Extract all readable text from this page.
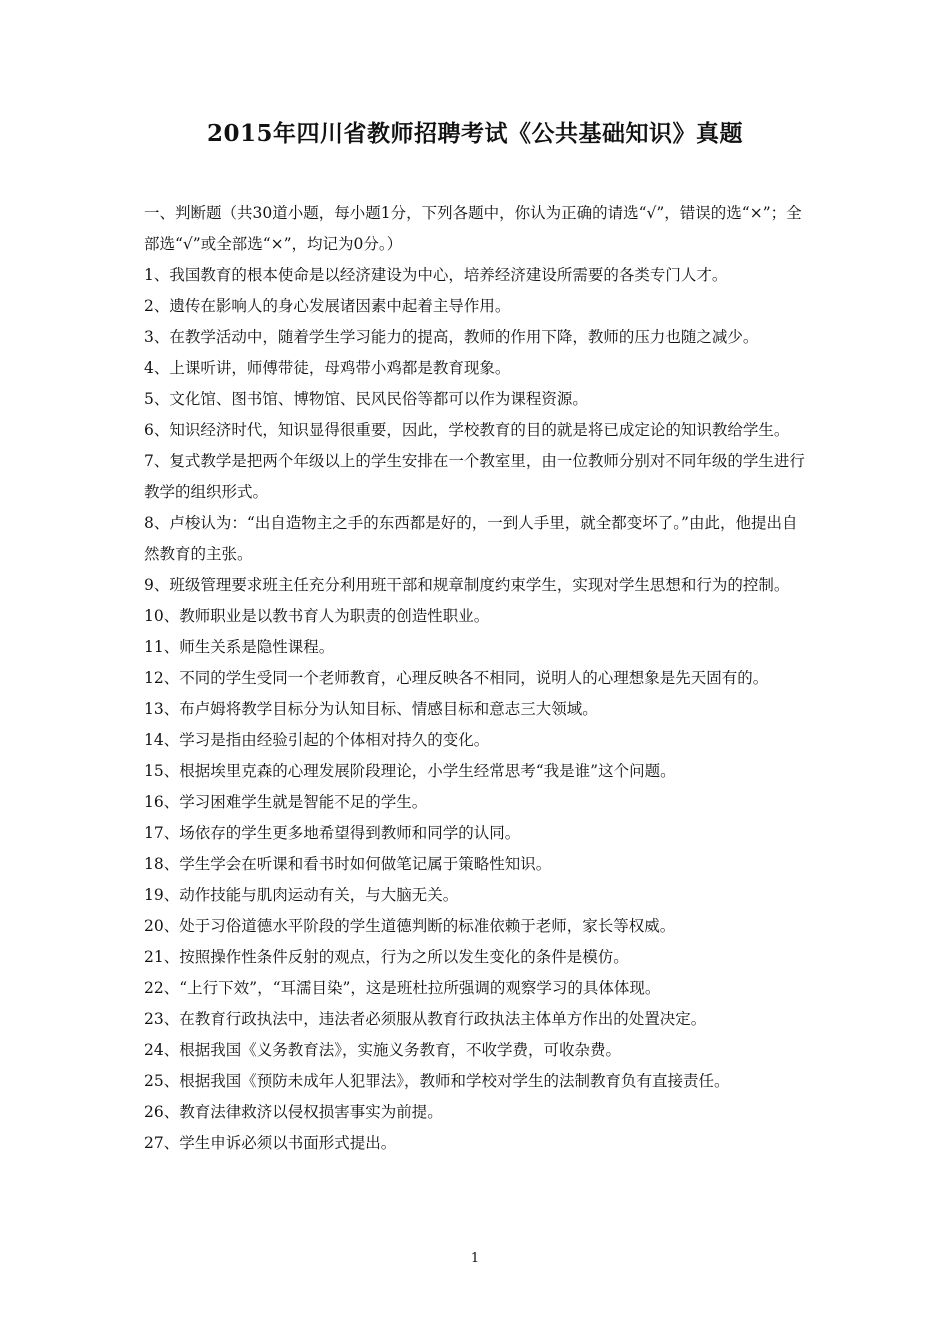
2015年四川省教师招聘考试《公共基础知识》真题

一、判断题（共30道小题，每小题1分，下列各题中，你认为正确的请选“√”，错误的选“×”；全部选“√”或全部选“×”，均记为0分。）

1、我国教育的根本使命是以经济建设为中心，培养经济建设所需要的各类专门人才。
2、遗传在影响人的身心发展诸因素中起着主导作用。
3、在教学活动中，随着学生学习能力的提高，教师的作用下降，教师的压力也随之减少。
4、上课听讲，师傅带徒，母鸡带小鸡都是教育现象。
5、文化馆、图书馆、博物馆、民风民俗等都可以作为课程资源。
6、知识经济时代，知识显得很重要，因此，学校教育的目的就是将已成定论的知识教给学生。
7、复式教学是把两个年级以上的学生安排在一个教室里，由一位教师分别对不同年级的学生进行教学的组织形式。
8、卢梭认为：“出自造物主之手的东西都是好的，一到人手里，就全都变坏了。”由此，他提出自然教育的主张。
9、班级管理要求班主任充分利用班干部和规章制度约束学生，实现对学生思想和行为的控制。
10、教师职业是以教书育人为职责的创造性职业。
11、师生关系是隐性课程。
12、不同的学生受同一个老师教育，心理反映各不相同，说明人的心理想象是先天固有的。
13、布卢姆将教学目标分为认知目标、情感目标和意志三大领域。
14、学习是指由经验引起的个体相对持久的变化。
15、根据埃里克森的心理发展阶段理论，小学生经常思考“我是谁”这个问题。
16、学习困难学生就是智能不足的学生。
17、场依存的学生更多地希望得到教师和同学的认同。
18、学生学会在听课和看书时如何做笔记属于策略性知识。
19、动作技能与肌肉运动有关，与大脑无关。
20、处于习俗道德水平阶段的学生道德判断的标准依赖于老师，家长等权威。
21、按照操作性条件反射的观点，行为之所以发生变化的条件是模仿。
22、“上行下效”，“耳濡目染”，这是班杜拉所强调的观察学习的具体体现。
23、在教育行政执法中，违法者必须服从教育行政执法主体单方作出的处置决定。
24、根据我国《义务教育法》，实施义务教育，不收学费，可收杂费。
25、根据我国《预防未成年人犯罪法》，教师和学校对学生的法制教育负有直接责任。
26、教育法律救济以侵权损害事实为前提。
27、学生申诉必须以书面形式提出。
1
